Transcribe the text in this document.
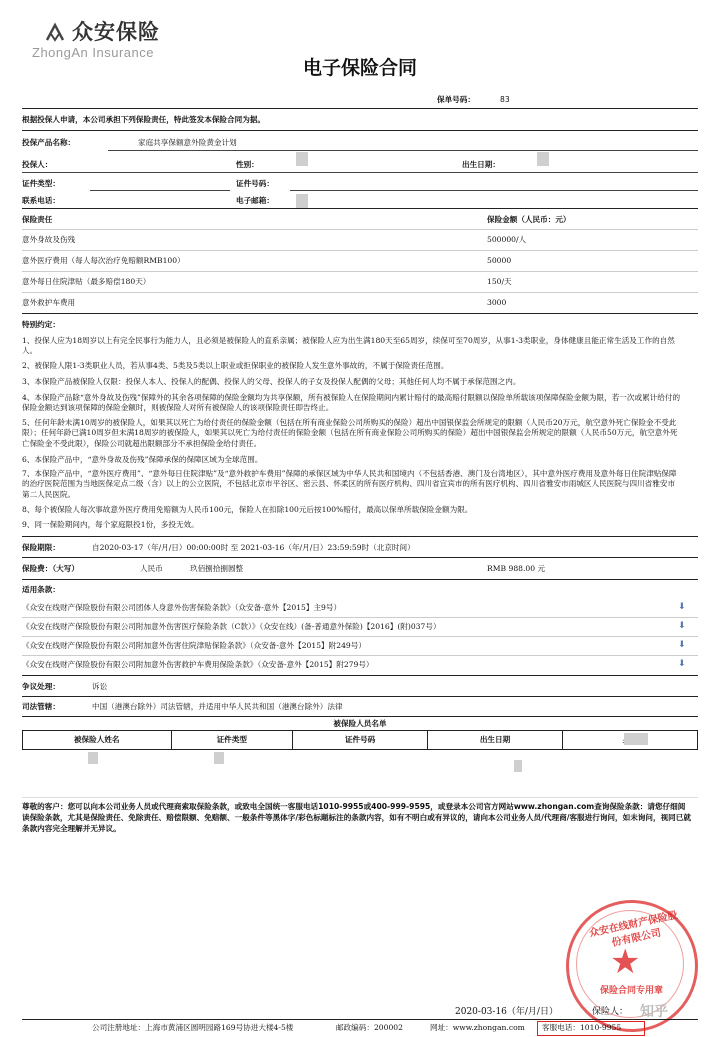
众安保险
ZhongAn Insurance
电子保险合同
保单号码：	83
根据投保人申请，本公司承担下列保险责任，特此签发本保险合同为据。
投保产品名称：	家庭共享保额意外险黄金计划
投保人：	性别：	出生日期：
证件类型：	证件号码：
联系电话：	电子邮箱：
保险责任	保险金额（人民币：元）
意外身故及伤残	500000/人
意外医疗费用（每人每次治疗免赔额RMB100）	50000
意外每日住院津贴（最多赔偿180天）	150/天
意外救护车费用	3000
特别约定：
1、投保人应为18周岁以上有完全民事行为能力人，且必须是被保险人的直系亲属；被保险人应为出生满180天至65周岁，续保可至70周岁，从事1-3类职业，身体健康且能正常生活及工作的自然人。
2、被保险人限1-3类职业人员，若从事4类、5类及5类以上职业或拒保职业的被保险人发生意外事故的，不属于保险责任范围。
3、本保险产品被保险人仅限：投保人本人、投保人的配偶、投保人的父母、投保人的子女及投保人配偶的父母；其他任何人均不属于承保范围之内。
4、本保险产品除“意外身故及伤残”保障外的其余各项保障的保险金额均为共享保额，所有被保险人在保险期间内累计赔付的最高赔付限额以保险单所载该项保障保险金额为限，若一次或累计给付的保险金额达到该项保障的保险金额时，则被保险人对所有被保险人的该项保险责任即告终止。
5、任何年龄未满10周岁的被保险人，如果其以死亡为给付责任的保险金额（包括在所有商业保险公司所购买的保险）超出中国银保监会所规定的限额（人民币20万元，航空意外死亡保险金不受此限）；任何年龄已满10周岁但未满18周岁的被保险人，如果其以死亡为给付责任的保险金额（包括在所有商业保险公司所购买的保险）超出中国银保监会所规定的限额（人民币50万元，航空意外死亡保险金不受此限），保险公司就超出限额部分不承担保险金给付责任。
6、本保险产品中，“意外身故及伤残”保障承保的保障区域为全球范围。
7、本保险产品中，“意外医疗费用”、“意外每日住院津贴”及“意外救护车费用”保障的承保区域为中华人民共和国境内（不包括香港、澳门及台湾地区），其中意外医疗费用及意外每日住院津贴保障的治疗医院范围为当地医保定点二级（含）以上的公立医院，不包括北京市平谷区、密云县、怀柔区的所有医疗机构、四川省宜宾市的所有医疗机构、四川省雅安市雨城区人民医院与四川省雅安市第二人民医院。
8、每个被保险人每次事故意外医疗费用免赔额为人民币100元，保险人在扣除100元后按100%赔付，最高以保单所载保险金额为限。
9、同一保险期间内，每个家庭限投1份，多投无效。
保险期限：	自2020-03-17（年/月/日）00:00:00时 至 2021-03-16（年/月/日）23:59:59时（北京时间）
保险费：（大写）	人民币	玖佰捌拾捌圆整	RMB 988.00 元
适用条款：
《众安在线财产保险股份有限公司团体人身意外伤害保险条款》（众安备-意外【2015】主9号）	⬇
《众安在线财产保险股份有限公司附加意外伤害医疗保险条款（C款）》（众安在线）(备-普通意外保险)【2016】(附)037号）	⬇
《众安在线财产保险股份有限公司附加意外伤害住院津贴保险条款》（众安备-意外【2015】附249号）	⬇
《众安在线财产保险股份有限公司附加意外伤害救护车费用保险条款》（众安备-意外【2015】附279号）	⬇
争议处理：	诉讼
司法管辖：	中国（港澳台除外）司法管辖，并适用中华人民共和国（港澳台除外）法律
被保险人员名单
被保险人姓名	证件类型	证件号码	出生日期	
尊敬的客户：您可以向本公司业务人员或代理商索取保险条款，或致电全国统一客服电话1010-9955或400-999-9595，或登录本公司官方网站www.zhongan.com查询保险条款：请您仔细阅读保险条款，尤其是保险责任、免除责任、赔偿限额、免赔额、一般条件等黑体字/彩色标题标注的条款内容，如有不明白或有异议的，请向本公司业务人员/代理商/客服进行询问，如未询问，视同已就条款内容完全理解并无异议。
★
众安在线财产保险股份有限公司
保险合同专用章
2020-03-16（年/月/日）	保险人： 知乎
公司注册地址：上海市黄浦区圆明园路169号协进大楼4-5楼	邮政编码：200002	网址：www.zhongan.com 客服电话：1010-9955
